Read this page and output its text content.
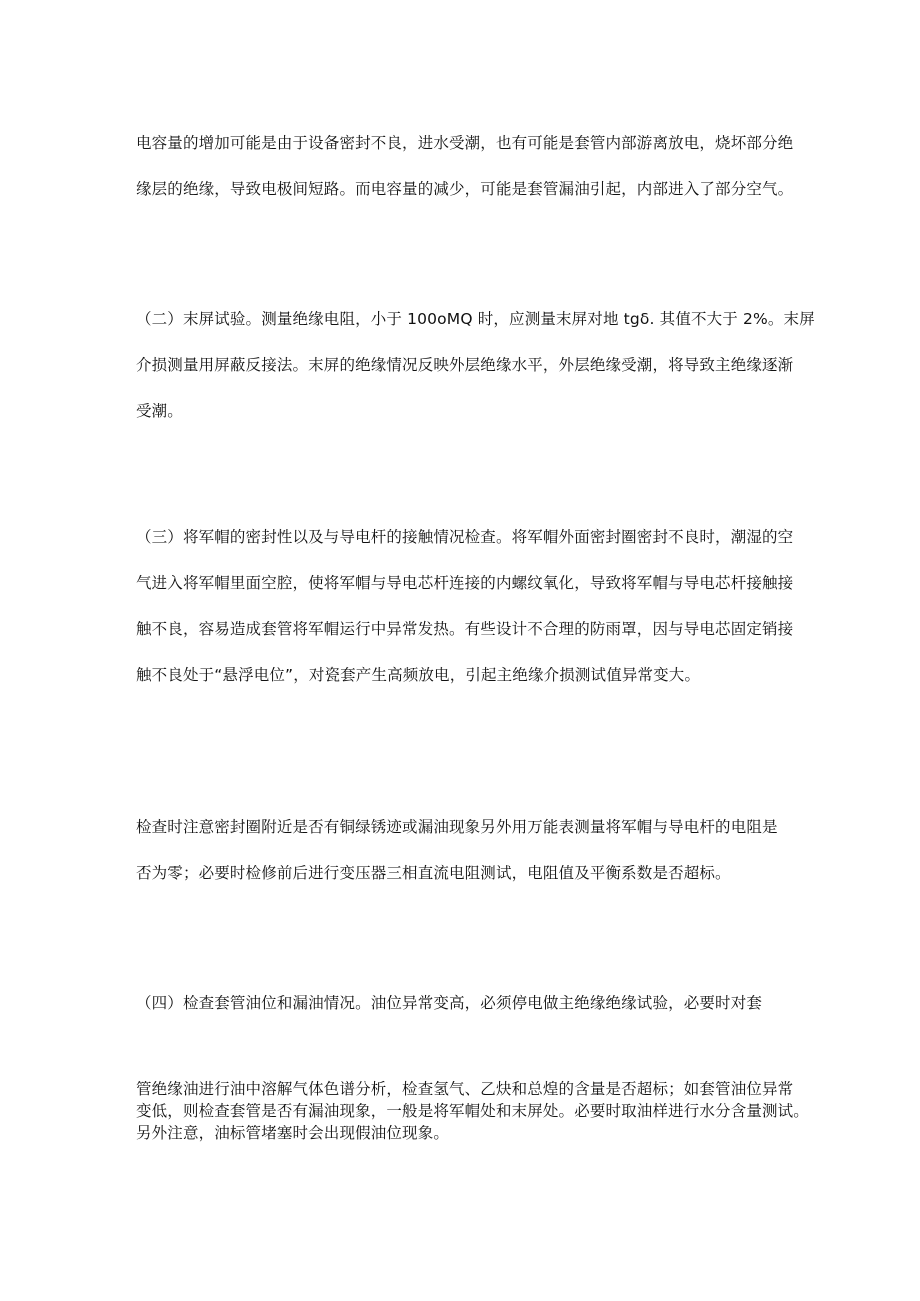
电容量的增加可能是由于设备密封不良，进水受潮，也有可能是套管内部游离放电，烧坏部分绝
缘层的绝缘，导致电极间短路。而电容量的减少，可能是套管漏油引起，内部进入了部分空气。
（二）末屏试验。测量绝缘电阻，小于 100oMQ 时，应测量末屏对地 tgδ. 其值不大于 2%。末屏
介损测量用屏蔽反接法。末屏的绝缘情况反映外层绝缘水平，外层绝缘受潮，将导致主绝缘逐渐
受潮。
（三）将军帽的密封性以及与导电杆的接触情况检查。将军帽外面密封圈密封不良时，潮湿的空
气进入将军帽里面空腔，使将军帽与导电芯杆连接的内螺纹氧化，导致将军帽与导电芯杆接触接
触不良，容易造成套管将军帽运行中异常发热。有些设计不合理的防雨罩，因与导电芯固定销接
触不良处于“悬浮电位”，对瓷套产生高频放电，引起主绝缘介损测试值异常变大。
检查时注意密封圈附近是否有铜绿锈迹或漏油现象另外用万能表测量将军帽与导电杆的电阻是
否为零；必要时检修前后进行变压器三相直流电阻测试，电阻值及平衡系数是否超标。
（四）检查套管油位和漏油情况。油位异常变高，必须停电做主绝缘绝缘试验，必要时对套
管绝缘油进行油中溶解气体色谱分析，检查氢气、乙炔和总煌的含量是否超标；如套管油位异常
变低，则检查套管是否有漏油现象，一般是将军帽处和末屏处。必要时取油样进行水分含量测试。
另外注意，油标管堵塞时会出现假油位现象。
